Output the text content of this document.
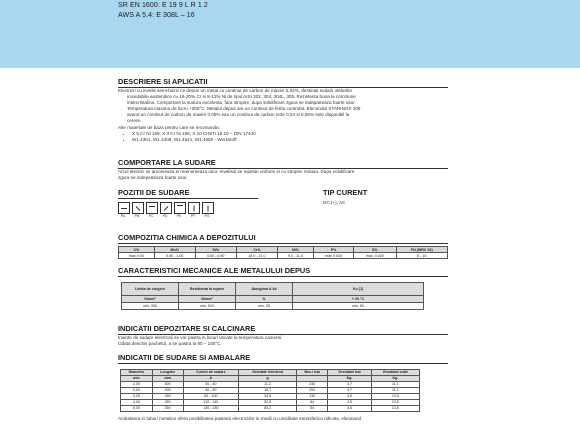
SR EN 1600: E 19 9 L R 1 2
AWS A 5.4: E 308L – 16
DESCRIERE SI APLICATII
Electrozi cu invelis semi-bazic ce depun un metal cu continut de carbon de maxim 0,04%, destinati sudarii otelurilor
inoxidabile austenitice cu 16-20% Cr si 8-12% Ni de tipul AISI 302, 304, 304L, 305. Rezistenta buna la coroziune
intercristalina. Comportare la sudura excelenta, fara stropire, dupa solidificare zgura se indeparteaza foarte usor.
Temperatura maxima de lucru +300°C. Metalul depus are un continut de ferita controlat. Electrodul STARINOX 308
avand un continut de carbon de maxim 0,08% sau un continut de carbon intre 0,04 si 0,08% este disponibil la
cerere.
Alte materiale de baza pentru care se recomanda:
• X 5 Cr Ni 189, X 3 Cr Ni 189, X 10 CrNiTi 18.10 – DIN 17440
• W1.4301, W1.4306, W1.4541, W1.4550 - Werkstoff
COMPORTARE LA SUDARE
Arcul electric se amorseaza si reamorseaza usor. Invelisul se topeste uniform si cu stropire redusa. Dupa solidificare
zgura se indeparteaza foarte usor.
POZITII DE SUDARE
PA	PB	PC	PD	PE	PF	PG
TIP CURENT
DC (+); AC
COMPOZITIA CHIMICA A DEPOZITULUI
C%	Mn%	Si%	Cr%	Ni%	P%	S%	FN (WRC 92)
max 0.04	0.50 - 1.00	0.60 - 0.90	18.0 - 21.0	9.0 - 11.0	max 0.030	max. 0.020	5 - 10
CARACTERISTICI MECANICE ALE METALULUI DEPUS
Limita de curgere	Rezistenta la rupere	Alungirea A 4d	Kv [J]
N/mm²	N/mm²	%	+ 20 °C
min. 350	min. 520	min. 35	min. 60
INDICATII DEPOZITARE SI CALCINARE
Inainte de sudare electrozii se vor pastra in locuri uscate la temperatura camerei.
Odata deschis pachetul, a se pastra la 90 – 150°C.
INDICATII DE SUDARE SI AMBALARE
Diametru	Lungime	Curent de sudare	Greutate /electrod	Buc./ tub	Greutate/ tub	Greutate/ cutie
mm	mm	A	g		Kg.	Kg.
2,00	300	30 - 60	11,2	230	3.7	11,1
2,50	300	40 - 80	18,7	200	3.7	11,1
3,25	350	80 - 100	34,6	130	4.5	13,5
4,00	350	110 - 140	52,5	84	4.5	13,5
5,00	350	130 - 180	83,2	54	4.5	13,5
Ambalarea in tuburi metalice ofera posibilitatea pastrarii electrozilor in medii cu umiditate atmosferica ridicata, eliminand
